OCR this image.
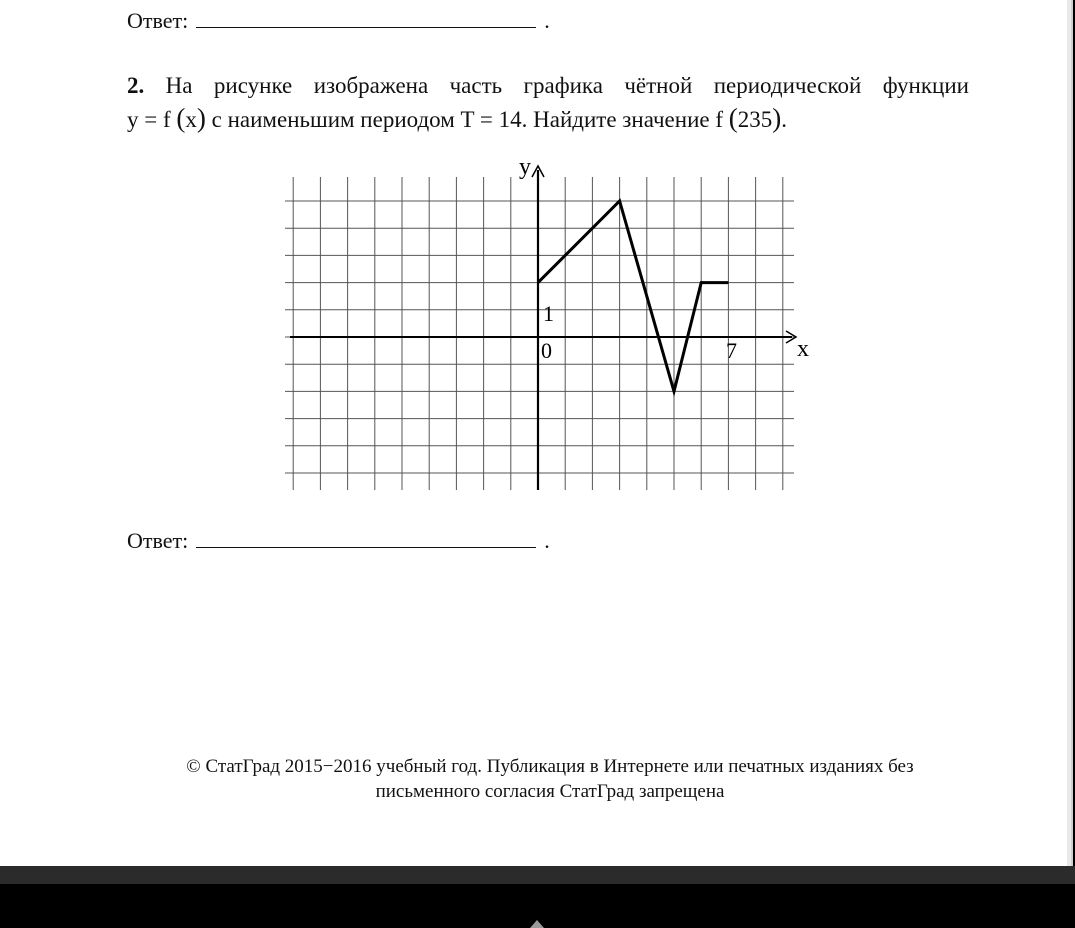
Ответ:	.
2. На рисунке изображена часть графика чётной периодической функции
y = f (x) с наименьшим периодом T = 14. Найдите значение f (235).
y
x
0	7
1
Ответ:	.
© СтатГрад 2015−2016 учебный год. Публикация в Интернете или печатных изданиях без
письменного согласия СтатГрад запрещена
